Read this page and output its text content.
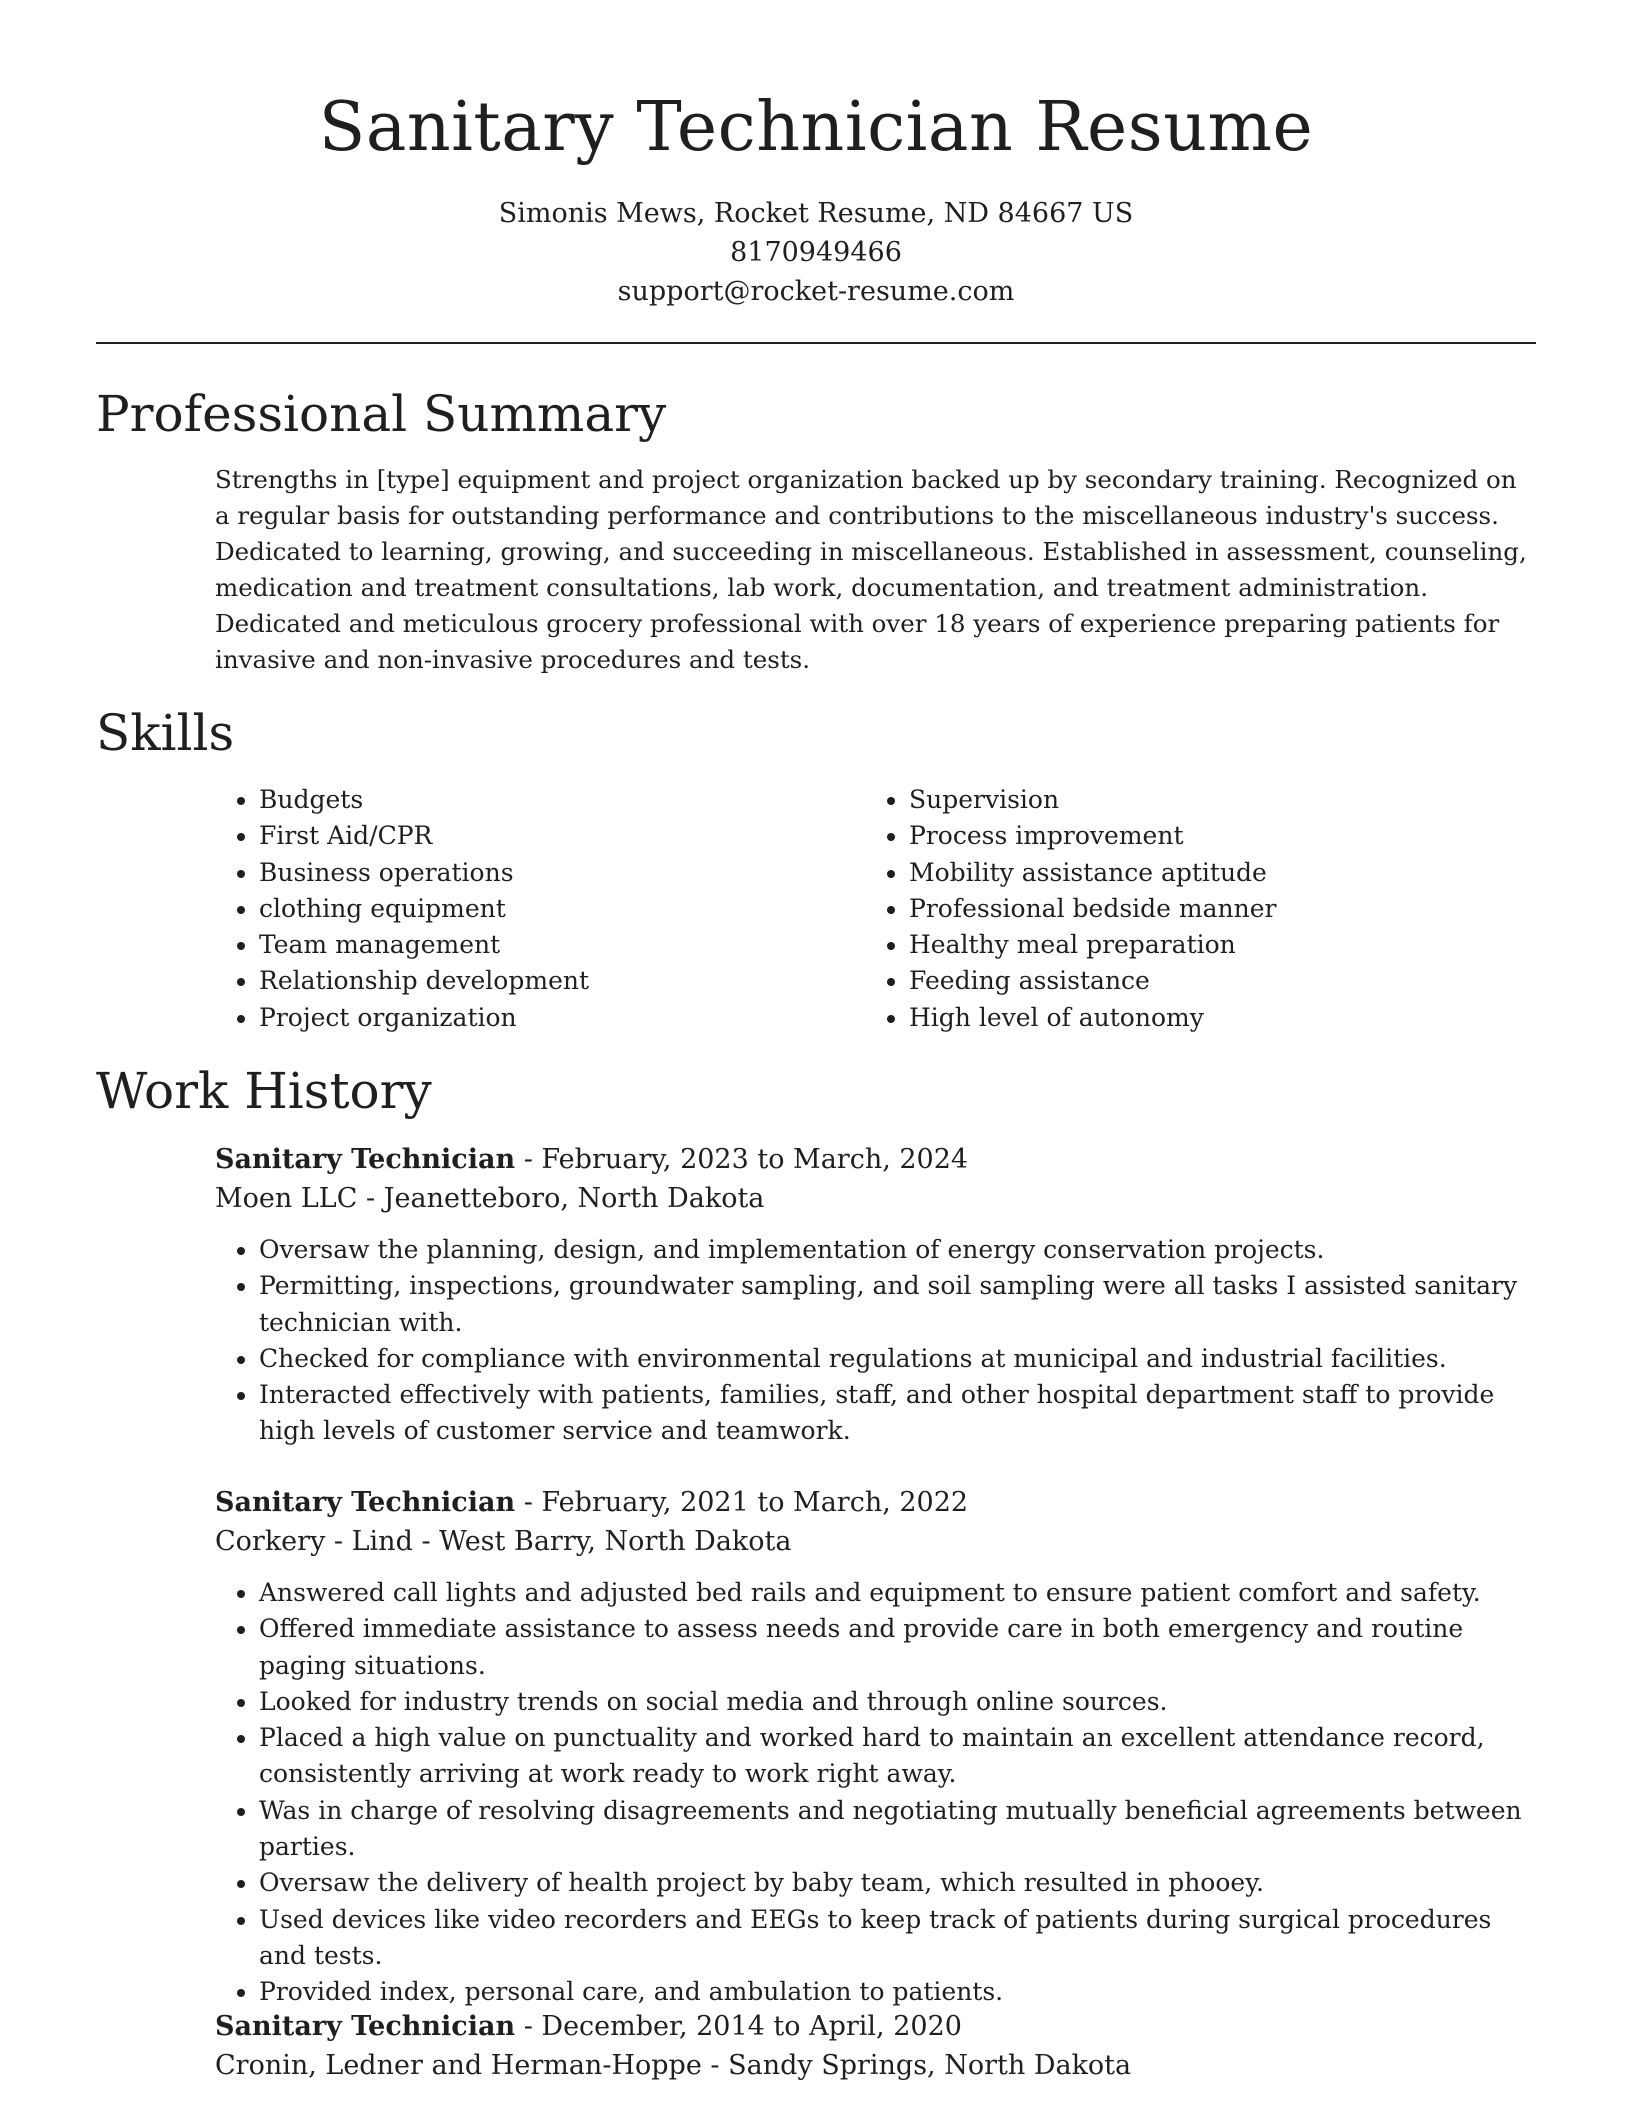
Sanitary Technician Resume
Simonis Mews, Rocket Resume, ND 84667 US
8170949466
support@rocket-resume.com
Professional Summary

Strengths in [type] equipment and project organization backed up by secondary training. Recognized on a regular basis for outstanding performance and contributions to the miscellaneous industry's success. Dedicated to learning, growing, and succeeding in miscellaneous. Established in assessment, counseling, medication and treatment consultations, lab work, documentation, and treatment administration. Dedicated and meticulous grocery professional with over 18 years of experience preparing patients for invasive and non-invasive procedures and tests.

Skills
• Budgets
• First Aid/CPR
• Business operations
• clothing equipment
• Team management
• Relationship development
• Project organization
• Supervision
• Process improvement
• Mobility assistance aptitude
• Professional bedside manner
• Healthy meal preparation
• Feeding assistance
• High level of autonomy
Work History
Sanitary Technician - February, 2023 to March, 2024
Moen LLC - Jeanetteboro, North Dakota
• Oversaw the planning, design, and implementation of energy conservation projects.
• Permitting, inspections, groundwater sampling, and soil sampling were all tasks I assisted sanitary technician with.
• Checked for compliance with environmental regulations at municipal and industrial facilities.
• Interacted effectively with patients, families, staff, and other hospital department staff to provide high levels of customer service and teamwork.
Sanitary Technician - February, 2021 to March, 2022
Corkery - Lind - West Barry, North Dakota
• Answered call lights and adjusted bed rails and equipment to ensure patient comfort and safety.
• Offered immediate assistance to assess needs and provide care in both emergency and routine paging situations.
• Looked for industry trends on social media and through online sources.
• Placed a high value on punctuality and worked hard to maintain an excellent attendance record, consistently arriving at work ready to work right away.
• Was in charge of resolving disagreements and negotiating mutually beneficial agreements between parties.
• Oversaw the delivery of health project by baby team, which resulted in phooey.
• Used devices like video recorders and EEGs to keep track of patients during surgical procedures and tests.
• Provided index, personal care, and ambulation to patients.
Sanitary Technician - December, 2014 to April, 2020
Cronin, Ledner and Herman-Hoppe - Sandy Springs, North Dakota
